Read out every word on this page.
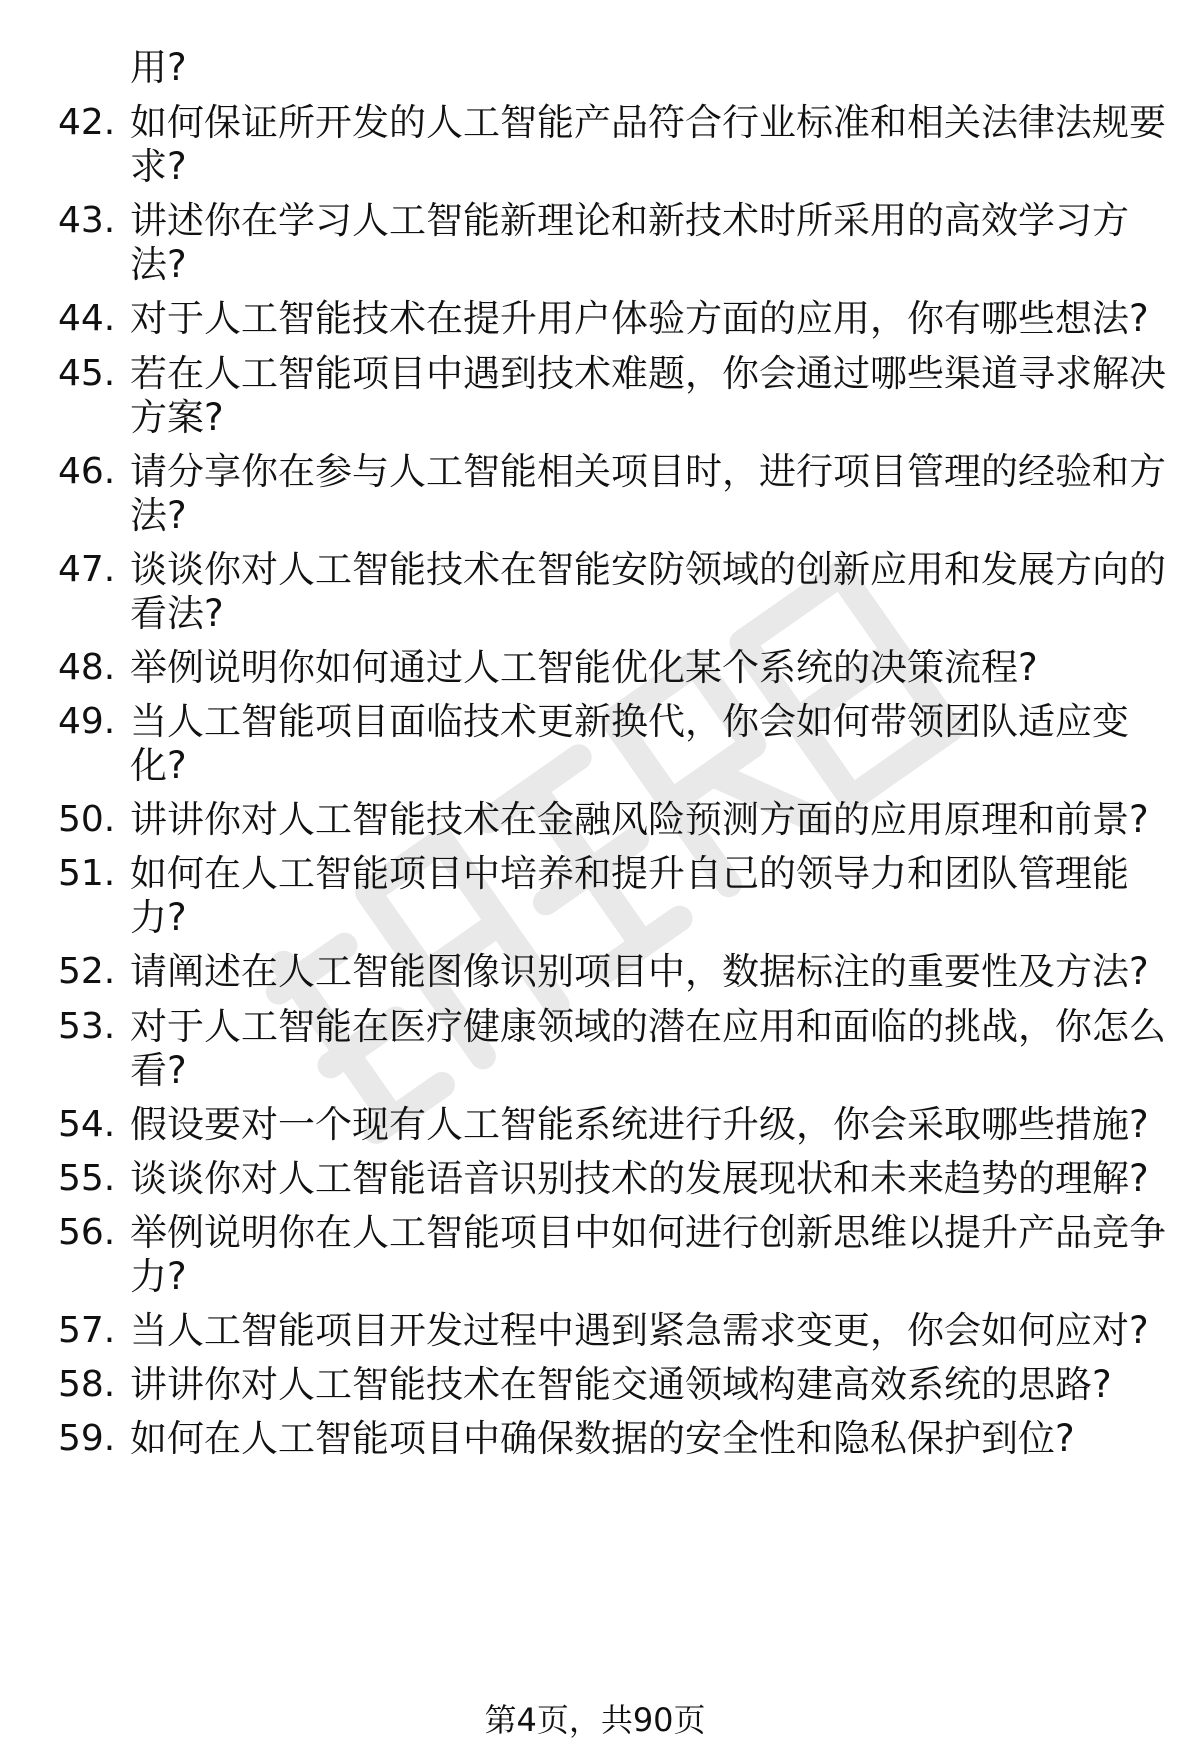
用?
42. 如何保证所开发的人工智能产品符合行业标准和相关法律法规要
求?
43. 讲述你在学习人工智能新理论和新技术时所采用的高效学习方
法?
44. 对于人工智能技术在提升用户体验方面的应用，你有哪些想法?
45. 若在人工智能项目中遇到技术难题，你会通过哪些渠道寻求解决
方案?
46. 请分享你在参与人工智能相关项目时，进行项目管理的经验和方
法?
47. 谈谈你对人工智能技术在智能安防领域的创新应用和发展方向的
看法?
48. 举例说明你如何通过人工智能优化某个系统的决策流程?
49. 当人工智能项目面临技术更新换代，你会如何带领团队适应变
化?
50. 讲讲你对人工智能技术在金融风险预测方面的应用原理和前景?
51. 如何在人工智能项目中培养和提升自己的领导力和团队管理能
力?
52. 请阐述在人工智能图像识别项目中，数据标注的重要性及方法?
53. 对于人工智能在医疗健康领域的潜在应用和面临的挑战，你怎么
看?
54. 假设要对一个现有人工智能系统进行升级，你会采取哪些措施?
55. 谈谈你对人工智能语音识别技术的发展现状和未来趋势的理解?
56. 举例说明你在人工智能项目中如何进行创新思维以提升产品竞争
力?
57. 当人工智能项目开发过程中遇到紧急需求变更，你会如何应对?
58. 讲讲你对人工智能技术在智能交通领域构建高效系统的思路?
59. 如何在人工智能项目中确保数据的安全性和隐私保护到位?
第4页，共90页
